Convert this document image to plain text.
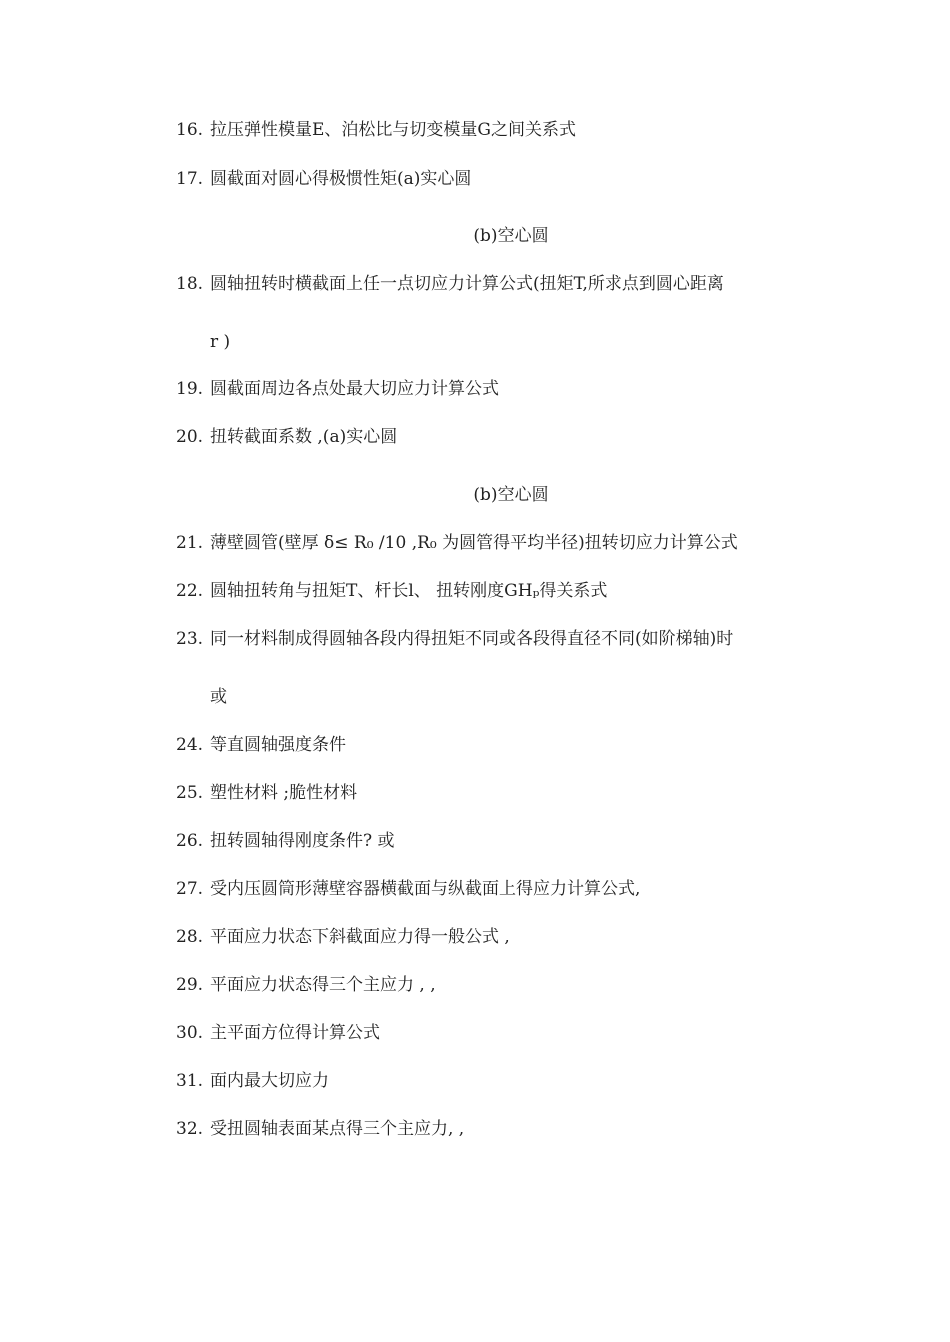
16. 拉压弹性模量E、泊松比与切变模量G之间关系式
17. 圆截面对圆心得极惯性矩(a)实心圆
(b)空心圆
18. 圆轴扭转时横截面上任一点切应力计算公式(扭矩T,所求点到圆心距离
r )
19. 圆截面周边各点处最大切应力计算公式
20. 扭转截面系数 ,(a)实心圆
(b)空心圆
21. 薄壁圆管(壁厚 δ≤ R₀ /10 ,R₀ 为圆管得平均半径)扭转切应力计算公式
22. 圆轴扭转角与扭矩T、杆长l、 扭转刚度GHₚ得关系式
23. 同一材料制成得圆轴各段内得扭矩不同或各段得直径不同(如阶梯轴)时
或
24. 等直圆轴强度条件
25. 塑性材料 ;脆性材料
26. 扭转圆轴得刚度条件? 或
27. 受内压圆筒形薄壁容器横截面与纵截面上得应力计算公式,
28. 平面应力状态下斜截面应力得一般公式 ,
29. 平面应力状态得三个主应力 , ,
30. 主平面方位得计算公式
31. 面内最大切应力
32. 受扭圆轴表面某点得三个主应力, ,
